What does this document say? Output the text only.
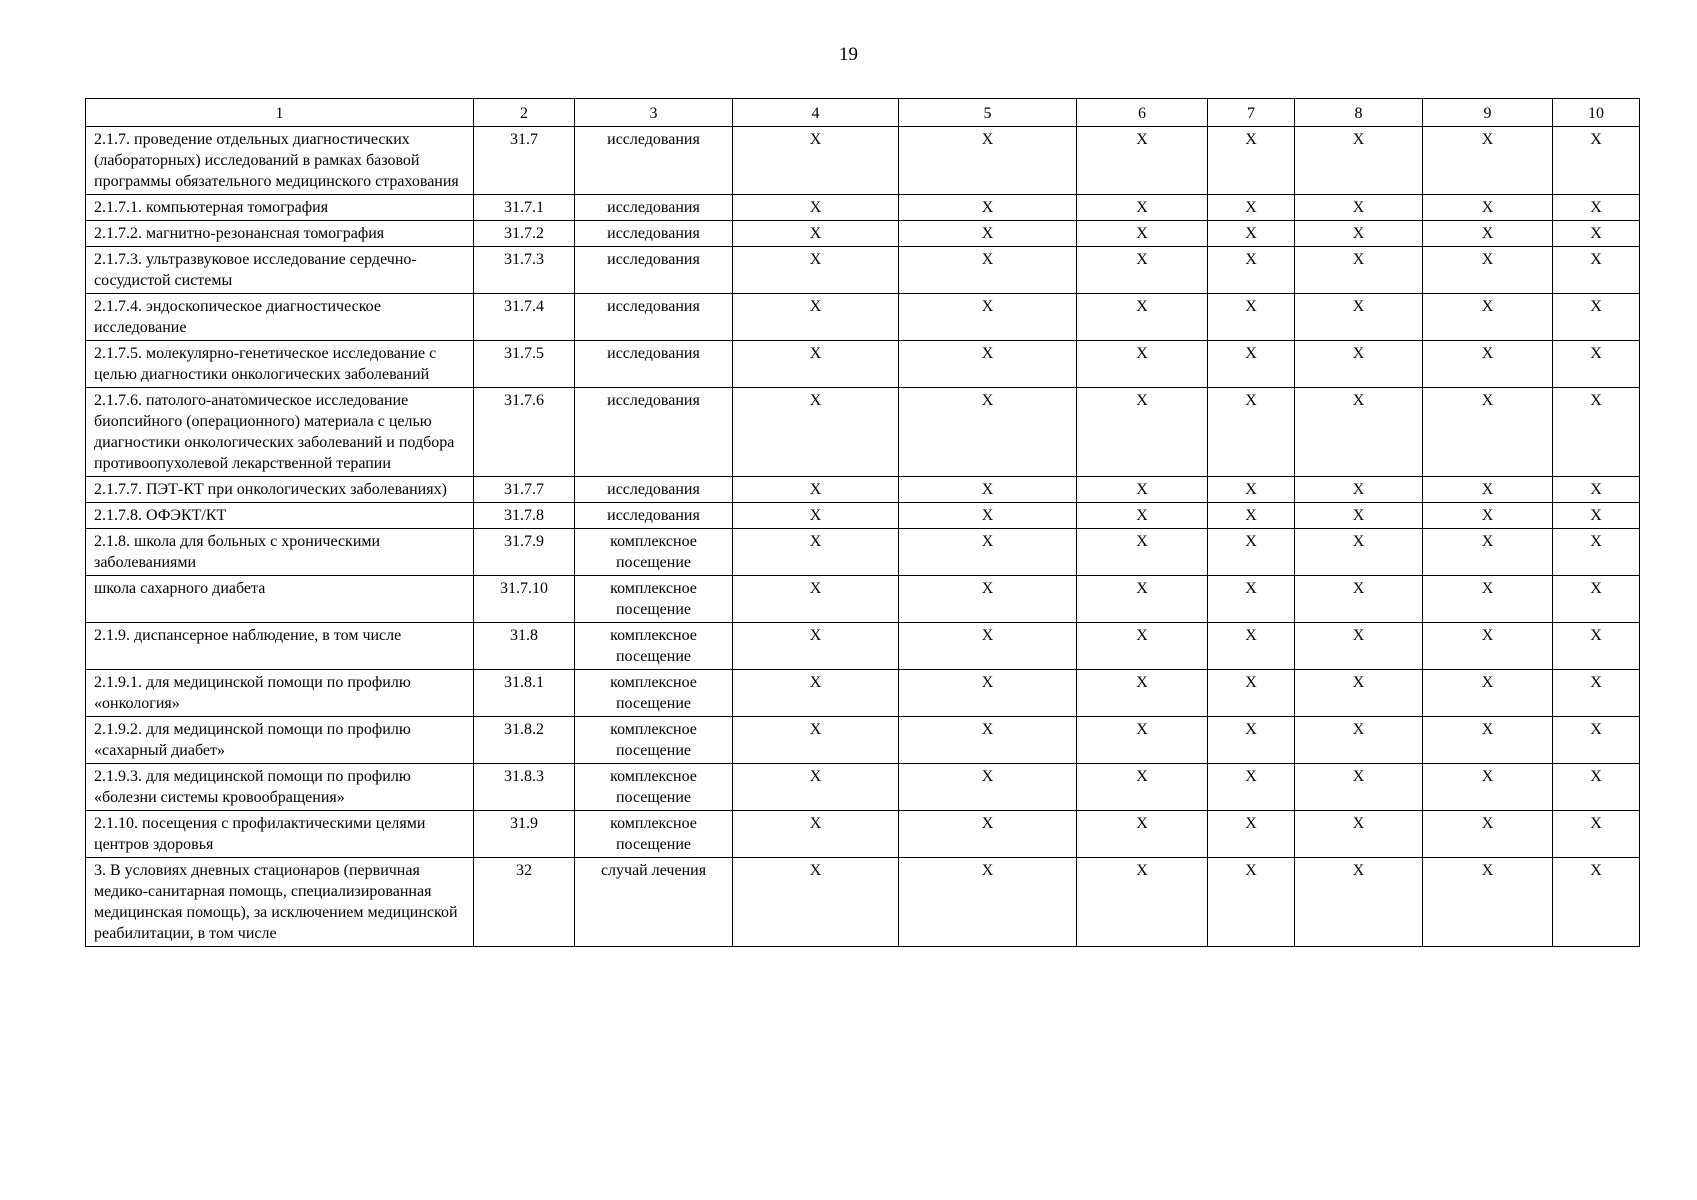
19
1	2	3	4	5	6	7	8	9	10
2.1.7. проведение отдельных диагностических (лабораторных) исследований в рамках базовой программы обязательного медицинского страхования	31.7	исследования	X	X	X	X	X	X	X
2.1.7.1. компьютерная томография	31.7.1	исследования	X	X	X	X	X	X	X
2.1.7.2. магнитно-резонансная томография	31.7.2	исследования	X	X	X	X	X	X	X
2.1.7.3. ультразвуковое исследование сердечно-сосудистой системы	31.7.3	исследования	X	X	X	X	X	X	X
2.1.7.4. эндоскопическое диагностическое исследование	31.7.4	исследования	X	X	X	X	X	X	X
2.1.7.5. молекулярно-генетическое исследование с целью диагностики онкологических заболеваний	31.7.5	исследования	X	X	X	X	X	X	X
2.1.7.6. патолого-анатомическое исследование биопсийного (операционного) материала с целью диагностики онкологических заболеваний и подбора противоопухолевой лекарственной терапии	31.7.6	исследования	X	X	X	X	X	X	X
2.1.7.7. ПЭТ-КТ при онкологических заболеваниях)	31.7.7	исследования	X	X	X	X	X	X	X
2.1.7.8. ОФЭКТ/КТ	31.7.8	исследования	X	X	X	X	X	X	X
2.1.8. школа для больных с хроническими заболеваниями	31.7.9	комплексное посещение	X	X	X	X	X	X	X
школа сахарного диабета	31.7.10	комплексное посещение	X	X	X	X	X	X	X
2.1.9. диспансерное наблюдение, в том числе	31.8	комплексное посещение	X	X	X	X	X	X	X
2.1.9.1. для медицинской помощи по профилю «онкология»	31.8.1	комплексное посещение	X	X	X	X	X	X	X
2.1.9.2. для медицинской помощи по профилю «сахарный диабет»	31.8.2	комплексное посещение	X	X	X	X	X	X	X
2.1.9.3. для медицинской помощи по профилю «болезни системы кровообращения»	31.8.3	комплексное посещение	X	X	X	X	X	X	X
2.1.10. посещения с профилактическими целями центров здоровья	31.9	комплексное посещение	X	X	X	X	X	X	X
3. В условиях дневных стационаров (первичная медико-санитарная помощь, специализированная медицинская помощь), за исключением медицинской реабилитации, в том числе	32	случай лечения	X	X	X	X	X	X	X
